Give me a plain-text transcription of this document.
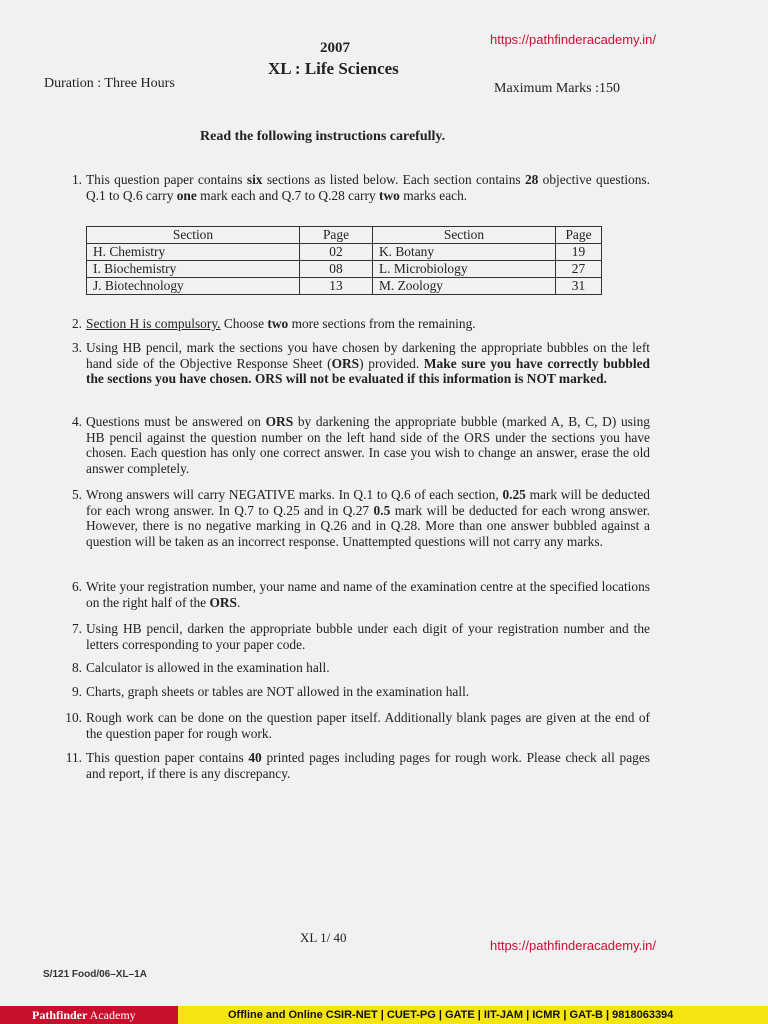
https://pathfinderacademy.in/
2007
XL : Life Sciences
Duration : Three Hours	Maximum Marks :150
Read the following instructions carefully.
1. This question paper contains six sections as listed below. Each section contains 28 objective questions. Q.1 to Q.6 carry one mark each and Q.7 to Q.28 carry two marks each.
Section	Page	Section	Page
H. Chemistry	02	K. Botany	19
I. Biochemistry	08	L. Microbiology	27
J. Biotechnology	13	M. Zoology	31
2. Section H is compulsory. Choose two more sections from the remaining.
3. Using HB pencil, mark the sections you have chosen by darkening the appropriate bubbles on the left hand side of the Objective Response Sheet (ORS) provided. Make sure you have correctly bubbled the sections you have chosen. ORS will not be evaluated if this information is NOT marked.
4. Questions must be answered on ORS by darkening the appropriate bubble (marked A, B, C, D) using HB pencil against the question number on the left hand side of the ORS under the sections you have chosen. Each question has only one correct answer. In case you wish to change an answer, erase the old answer completely.
5. Wrong answers will carry NEGATIVE marks. In Q.1 to Q.6 of each section, 0.25 mark will be deducted for each wrong answer. In Q.7 to Q.25 and in Q.27 0.5 mark will be deducted for each wrong answer. However, there is no negative marking in Q.26 and in Q.28. More than one answer bubbled against a question will be taken as an incorrect response. Unattempted questions will not carry any marks.
6. Write your registration number, your name and name of the examination centre at the specified locations on the right half of the ORS.
7. Using HB pencil, darken the appropriate bubble under each digit of your registration number and the letters corresponding to your paper code.
8. Calculator is allowed in the examination hall.
9. Charts, graph sheets or tables are NOT allowed in the examination hall.
10. Rough work can be done on the question paper itself. Additionally blank pages are given at the end of the question paper for rough work.
11. This question paper contains 40 printed pages including pages for rough work. Please check all pages and report, if there is any discrepancy.
XL 1/ 40
https://pathfinderacademy.in/
S/121 Food/06–XL–1A
Pathfinder Academy	Offline and Online CSIR-NET | CUET-PG | GATE | IIT-JAM | ICMR | GAT-B | 9818063394
